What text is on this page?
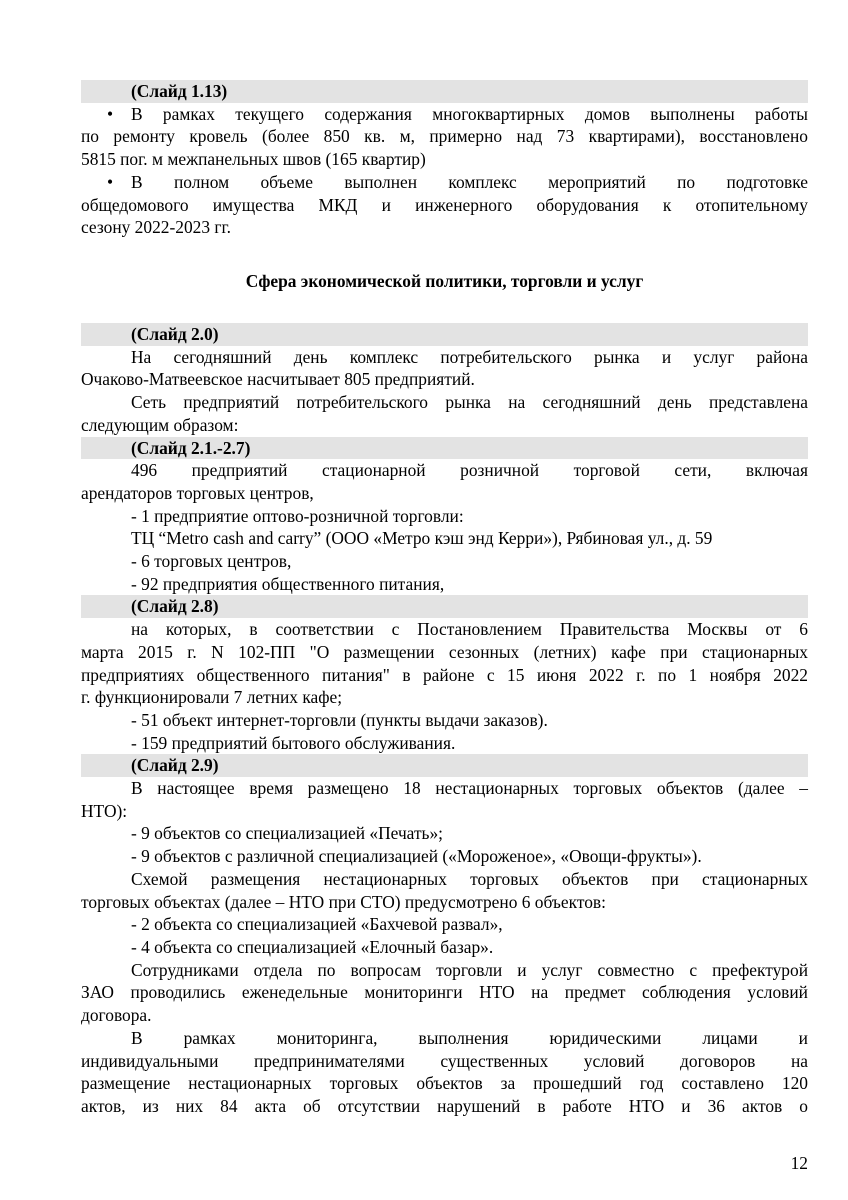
(Слайд 1.13)

• В рамках текущего содержания многоквартирных домов выполнены работы

по ремонту кровель (более 850 кв. м, примерно над 73 квартирами), восстановлено

5815 пог. м межпанельных швов (165 квартир)

• В полном объеме выполнен комплекс мероприятий по подготовке

общедомового имущества МКД и инженерного оборудования к отопительному

сезону 2022-2023 гг.

Сфера экономической политики, торговли и услуг

(Слайд 2.0)

На сегодняшний день комплекс потребительского рынка и услуг района

Очаково-Матвеевское насчитывает 805 предприятий.

Сеть предприятий потребительского рынка на сегодняшний день представлена

следующим образом:

(Слайд 2.1.-2.7)

496 предприятий стационарной розничной торговой сети, включая

арендаторов торговых центров,

- 1 предприятие оптово-розничной торговли:

ТЦ “Metro cash and carry” (ООО «Метро кэш энд Керри»), Рябиновая ул., д. 59

- 6 торговых центров,

- 92 предприятия общественного питания,

(Слайд 2.8)

на которых, в соответствии с Постановлением Правительства Москвы от 6

марта 2015 г. N 102-ПП "О размещении сезонных (летних) кафе при стационарных

предприятиях общественного питания" в районе с 15 июня 2022 г. по 1 ноября 2022

г. функционировали 7 летних кафе;

- 51 объект интернет-торговли (пункты выдачи заказов).

- 159 предприятий бытового обслуживания.

(Слайд 2.9)

В настоящее время размещено 18 нестационарных торговых объектов (далее –

НТО):

- 9 объектов со специализацией «Печать»;

- 9 объектов с различной специализацией («Мороженое», «Овощи-фрукты»).

Схемой размещения нестационарных торговых объектов при стационарных

торговых объектах (далее – НТО при СТО) предусмотрено 6 объектов:

- 2 объекта со специализацией «Бахчевой развал»,

- 4 объекта со специализацией «Елочный базар».

Сотрудниками отдела по вопросам торговли и услуг совместно с префектурой

ЗАО проводились еженедельные мониторинги НТО на предмет соблюдения условий

договора.

В рамках мониторинга, выполнения юридическими лицами и

индивидуальными предпринимателями существенных условий договоров на

размещение нестационарных торговых объектов за прошедший год составлено 120

актов, из них 84 акта об отсутствии нарушений в работе НТО и 36 актов о

12
